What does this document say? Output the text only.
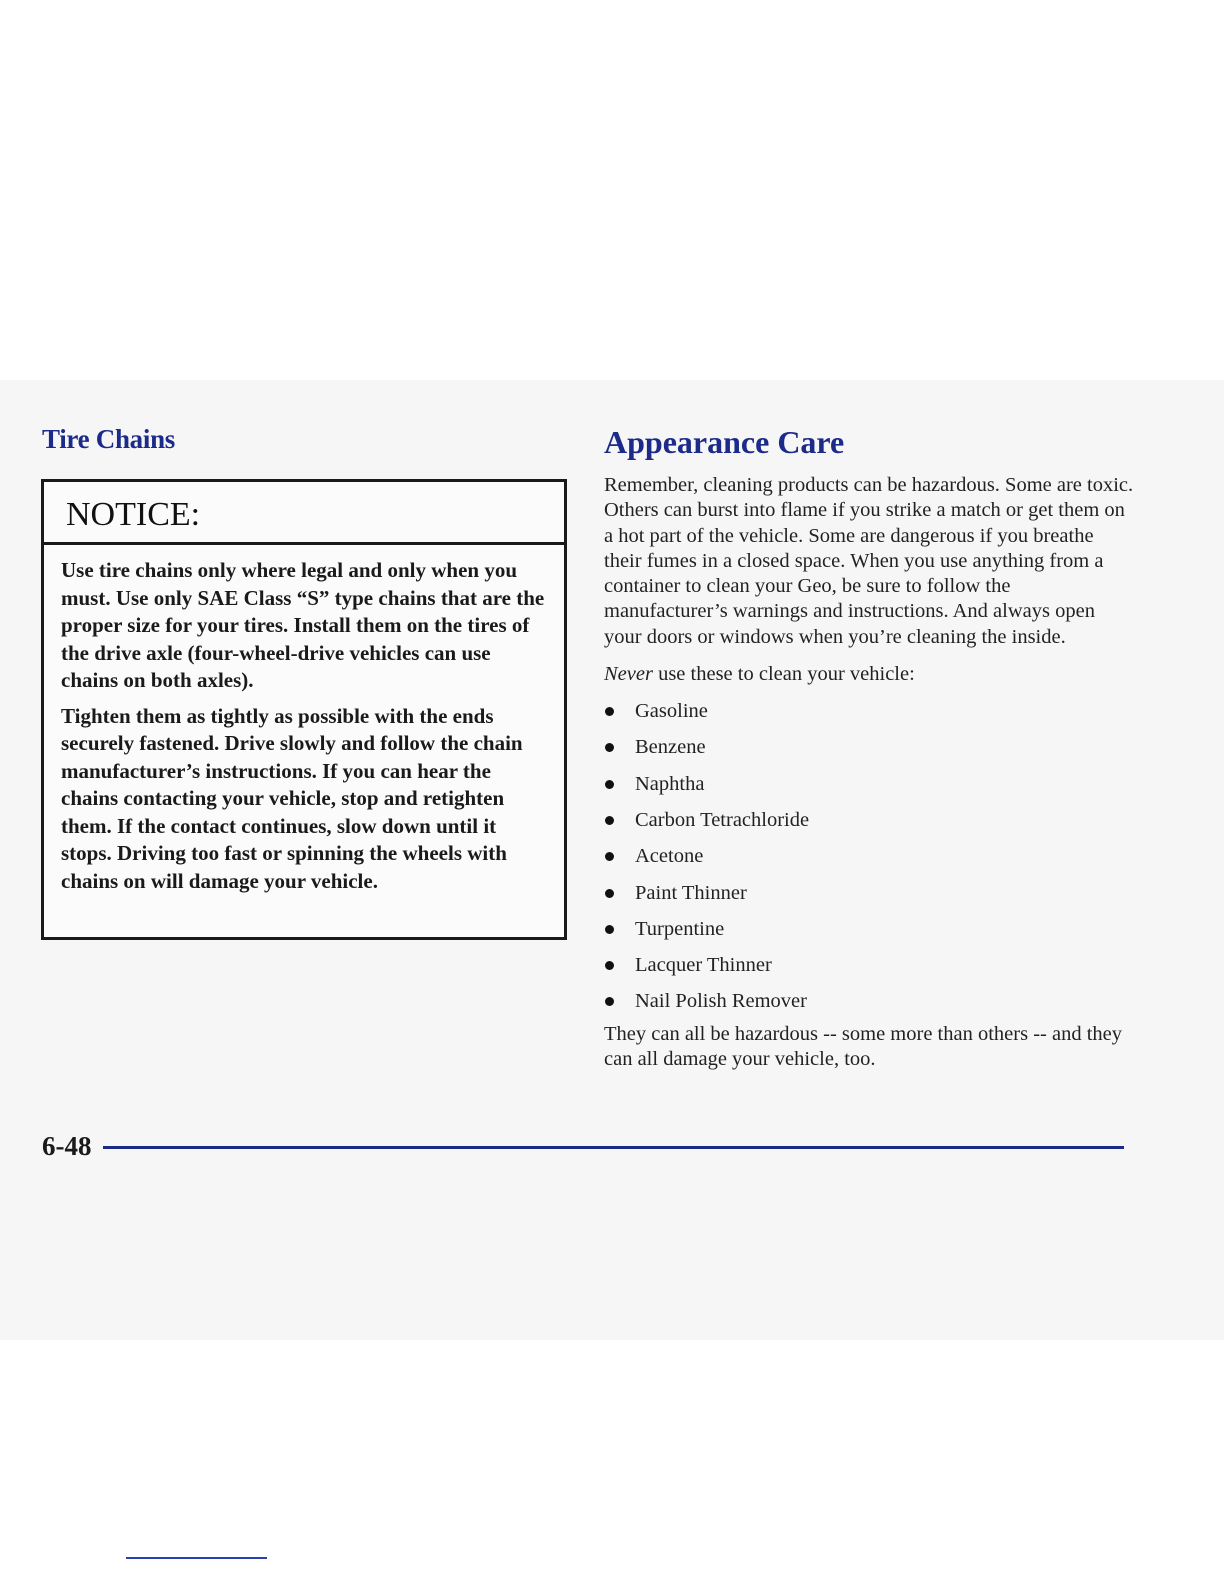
Tire Chains
NOTICE:

Use tire chains only where legal and only when you must. Use only SAE Class “S” type chains that are the proper size for your tires. Install them on the tires of the drive axle (four-wheel-drive vehicles can use chains on both axles).

Tighten them as tightly as possible with the ends securely fastened. Drive slowly and follow the chain manufacturer’s instructions. If you can hear the chains contacting your vehicle, stop and retighten them. If the contact continues, slow down until it stops. Driving too fast or spinning the wheels with chains on will damage your vehicle.

Appearance Care

Remember, cleaning products can be hazardous. Some are toxic. Others can burst into flame if you strike a match or get them on a hot part of the vehicle. Some are dangerous if you breathe their fumes in a closed space. When you use anything from a container to clean your Geo, be sure to follow the manufacturer’s warnings and instructions. And always open your doors or windows when you’re cleaning the inside.

Never use these to clean your vehicle:

Gasoline
Benzene
Naphtha
Carbon Tetrachloride
Acetone
Paint Thinner
Turpentine
Lacquer Thinner
Nail Polish Remover

They can all be hazardous -- some more than others -- and they can all damage your vehicle, too.

6-48
